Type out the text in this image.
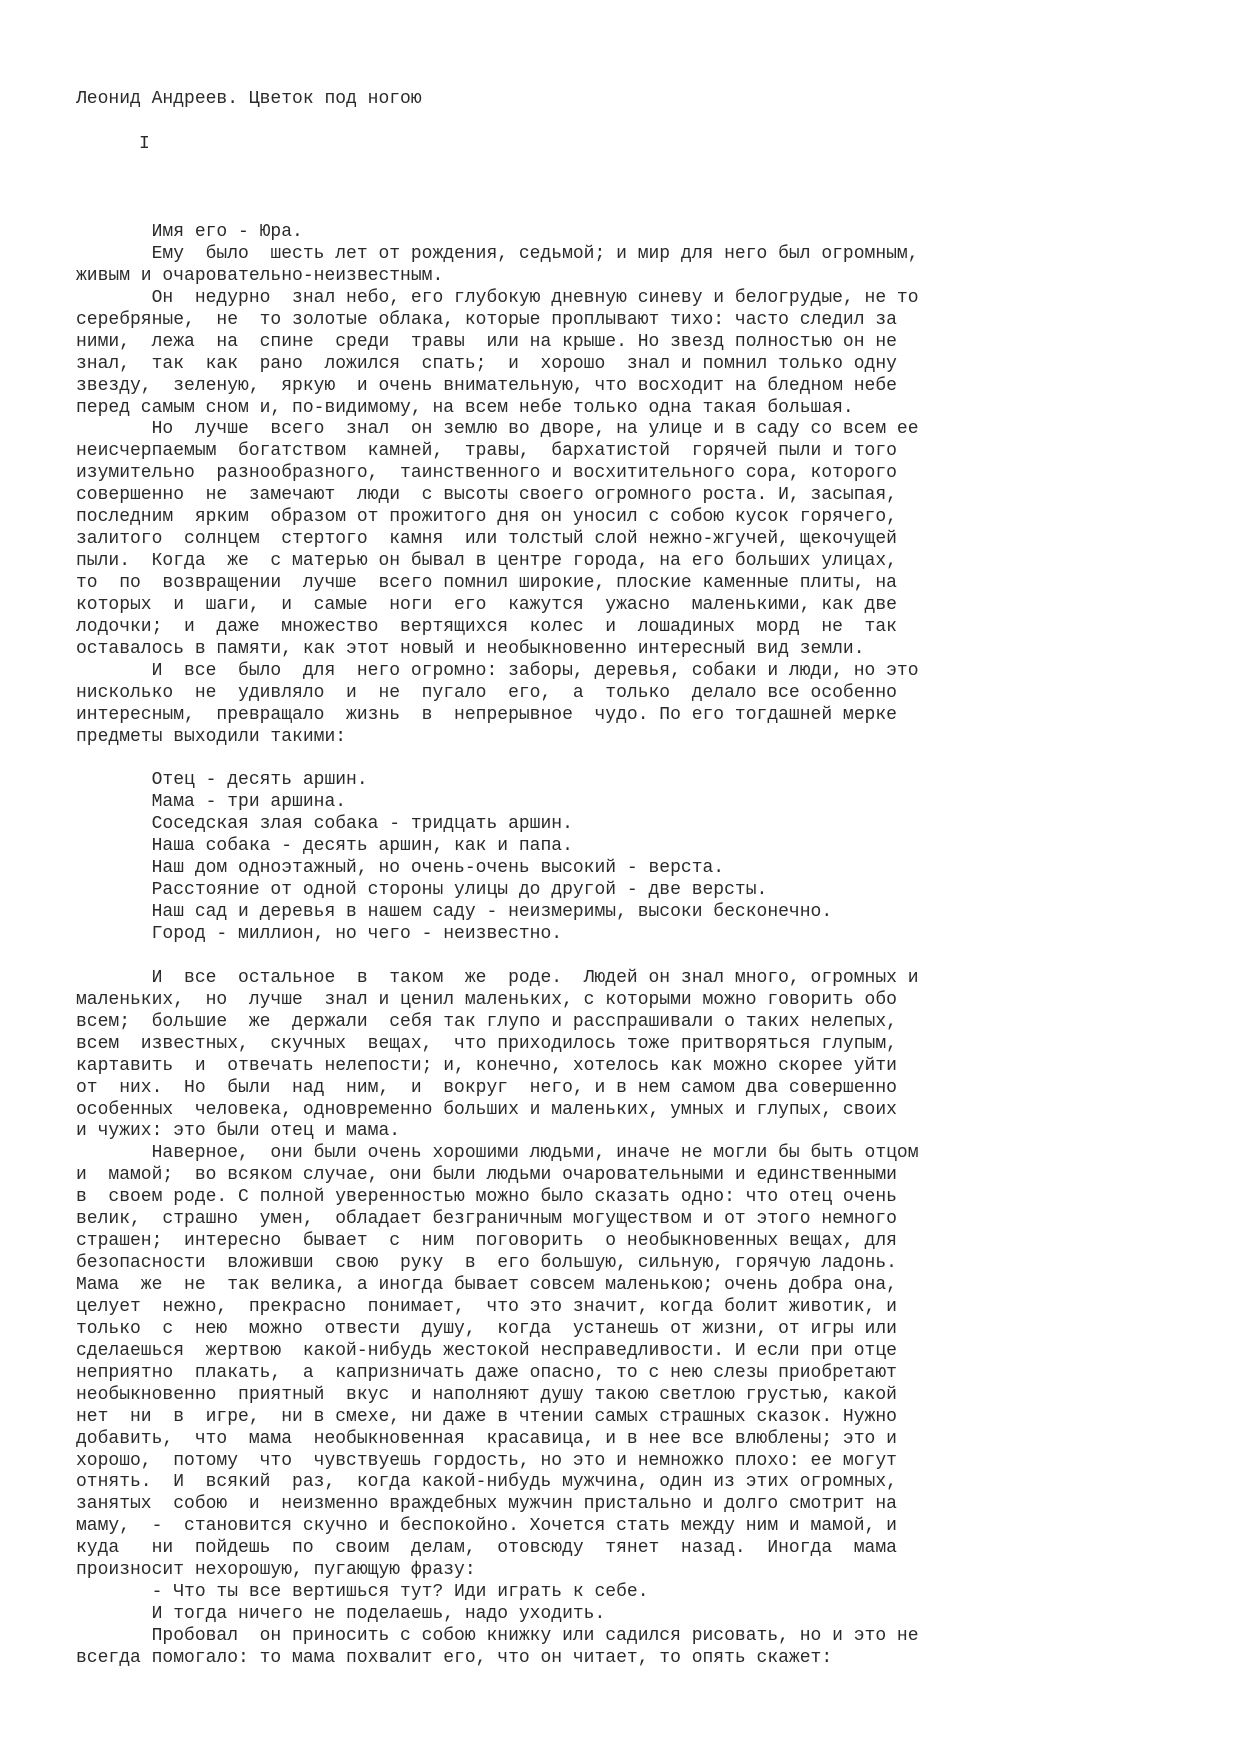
Леонид Андреев. Цветок под ногою
I
Имя его - Юра.
Ему  было  шесть лет от рождения, седьмой; и мир для него был огромным,
живым и очаровательно-неизвестным.
Он  недурно  знал небо, его глубокую дневную синеву и белогрудые, не то
серебряные,  не  то золотые облака, которые проплывают тихо: часто следил за
ними,  лежа  на  спине  среди  травы  или на крыше. Но звезд полностью он не
знал,  так  как  рано  ложился  спать;  и  хорошо  знал и помнил только одну
звезду,  зеленую,  яркую  и очень внимательную, что восходит на бледном небе
перед самым сном и, по-видимому, на всем небе только одна такая большая.
Но  лучше  всего  знал  он землю во дворе, на улице и в саду со всем ее
неисчерпаемым  богатством  камней,  травы,  бархатистой  горячей пыли и того
изумительно  разнообразного,  таинственного и восхитительного сора, которого
совершенно  не  замечают  люди  с высоты своего огромного роста. И, засыпая,
последним  ярким  образом от прожитого дня он уносил с собою кусок горячего,
залитого  солнцем  стертого  камня  или толстый слой нежно-жгучей, щекочущей
пыли.  Когда  же  с матерью он бывал в центре города, на его больших улицах,
то  по  возвращении  лучше  всего помнил широкие, плоские каменные плиты, на
которых  и  шаги,  и  самые  ноги  его  кажутся  ужасно  маленькими, как две
лодочки;  и  даже  множество  вертящихся  колес  и  лошадиных  морд  не  так
оставалось в памяти, как этот новый и необыкновенно интересный вид земли.
И  все  было  для  него огромно: заборы, деревья, собаки и люди, но это
нисколько  не  удивляло  и  не  пугало  его,  а  только  делало все особенно
интересным,  превращало  жизнь  в  непрерывное  чудо. По его тогдашней мерке
предметы выходили такими:
Отец - десять аршин.
Мама - три аршина.
Соседская злая собака - тридцать аршин.
Наша собака - десять аршин, как и папа.
Наш дом одноэтажный, но очень-очень высокий - верста.
Расстояние от одной стороны улицы до другой - две версты.
Наш сад и деревья в нашем саду - неизмеримы, высоки бесконечно.
Город - миллион, но чего - неизвестно.
И  все  остальное  в  таком  же  роде.  Людей он знал много, огромных и
маленьких,  но  лучше  знал и ценил маленьких, с которыми можно говорить обо
всем;  большие  же  держали  себя так глупо и расспрашивали о таких нелепых,
всем  известных,  скучных  вещах,  что приходилось тоже притворяться глупым,
картавить  и  отвечать нелепости; и, конечно, хотелось как можно скорее уйти
от  них.  Но  были  над  ним,  и  вокруг  него, и в нем самом два совершенно
особенных  человека, одновременно больших и маленьких, умных и глупых, своих
и чужих: это были отец и мама.
Наверное,  они были очень хорошими людьми, иначе не могли бы быть отцом
и  мамой;  во всяком случае, они были людьми очаровательными и единственными
в  своем роде. С полной уверенностью можно было сказать одно: что отец очень
велик,  страшно  умен,  обладает безграничным могуществом и от этого немного
страшен;  интересно  бывает  с  ним  поговорить  о необыкновенных вещах, для
безопасности  вложивши  свою  руку  в  его большую, сильную, горячую ладонь.
Мама  же  не  так велика, а иногда бывает совсем маленькою; очень добра она,
целует  нежно,  прекрасно  понимает,  что это значит, когда болит животик, и
только  с  нею  можно  отвести  душу,  когда  устанешь от жизни, от игры или
сделаешься  жертвою  какой-нибудь жестокой несправедливости. И если при отце
неприятно  плакать,  а  капризничать даже опасно, то с нею слезы приобретают
необыкновенно  приятный  вкус  и наполняют душу такою светлою грустью, какой
нет  ни  в  игре,  ни в смехе, ни даже в чтении самых страшных сказок. Нужно
добавить,  что  мама  необыкновенная  красавица, и в нее все влюблены; это и
хорошо,  потому  что  чувствуешь гордость, но это и немножко плохо: ее могут
отнять.  И  всякий  раз,  когда какой-нибудь мужчина, один из этих огромных,
занятых  собою  и  неизменно враждебных мужчин пристально и долго смотрит на
маму,  -  становится скучно и беспокойно. Хочется стать между ним и мамой, и
куда   ни  пойдешь  по  своим  делам,  отовсюду  тянет  назад.  Иногда  мама
произносит нехорошую, пугающую фразу:
- Что ты все вертишься тут? Иди играть к себе.
И тогда ничего не поделаешь, надо уходить.
Пробовал  он приносить с собою книжку или садился рисовать, но и это не
всегда помогало: то мама похвалит его, что он читает, то опять скажет:
